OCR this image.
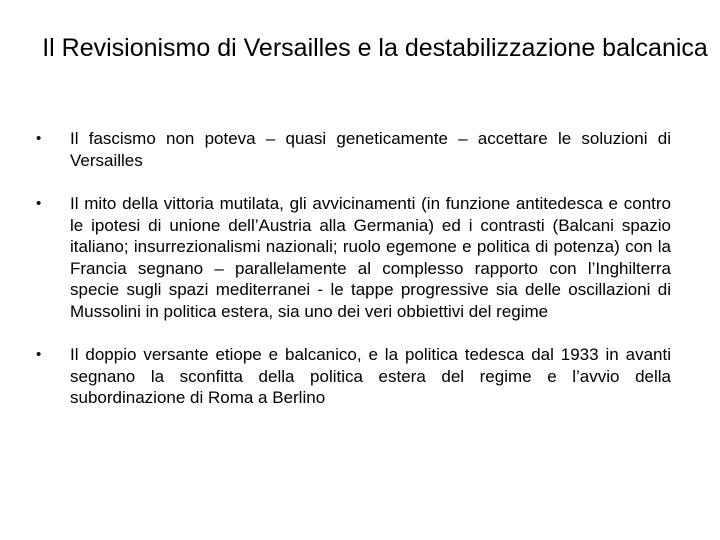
Il Revisionismo di Versailles e la destabilizzazione balcanica
• Il fascismo non poteva – quasi geneticamente – accettare le soluzioni di Versailles
• Il mito della vittoria mutilata, gli avvicinamenti (in funzione antitedesca e contro le ipotesi di unione dell’Austria alla Germania) ed i contrasti (Balcani spazio italiano; insurrezionalismi nazionali; ruolo egemone e politica di potenza) con la Francia segnano – parallelamente al complesso rapporto con l’Inghilterra specie sugli spazi mediterranei - le tappe progressive sia delle oscillazioni di Mussolini in politica estera, sia uno dei veri obbiettivi del regime
• Il doppio versante etiope e balcanico, e la politica tedesca dal 1933 in avanti segnano la sconfitta della politica estera del regime e l’avvio della subordinazione di Roma a Berlino
